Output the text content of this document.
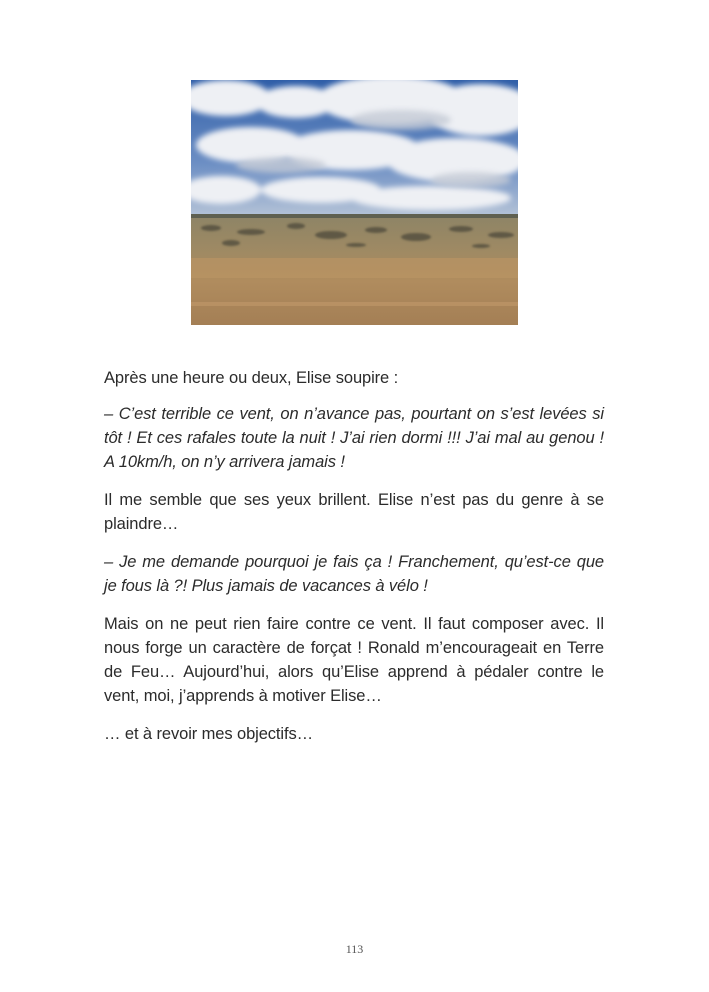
Après une heure ou deux, Elise soupire :

– C’est terrible ce vent, on n’avance pas, pourtant on s’est levées si tôt ! Et ces rafales toute la nuit ! J’ai rien dormi !!! J’ai mal au genou ! A 10km/h, on n’y arrivera jamais !

Il me semble que ses yeux brillent. Elise n’est pas du genre à se plaindre…

– Je me demande pourquoi je fais ça ! Franchement, qu’est-ce que je fous là ?! Plus jamais de vacances à vélo !

Mais on ne peut rien faire contre ce vent. Il faut composer avec. Il nous forge un caractère de forçat ! Ronald m’encourageait en Terre de Feu… Aujourd’hui, alors qu’Elise apprend à pédaler contre le vent, moi, j’apprends à motiver Elise…

… et à revoir mes objectifs…

113
